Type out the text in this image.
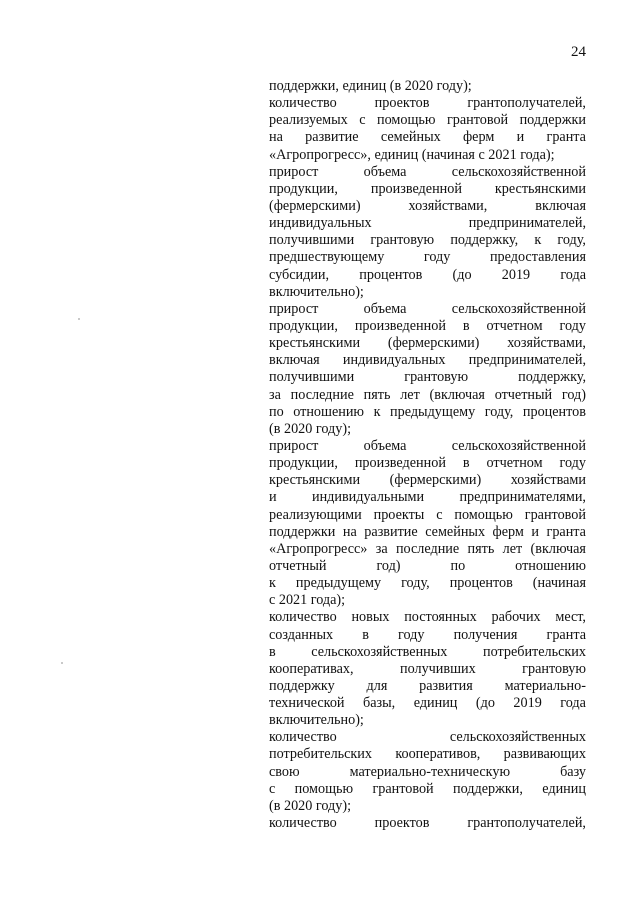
24
поддержки, единиц (в 2020 году);
количество	проектов	грантополучателей,
реализуемых с помощью грантовой поддержки
на развитие семейных ферм и гранта
«Агропрогресс», единиц (начиная с 2021 года);
прирост	объема	сельскохозяйственной
продукции, произведенной крестьянскими
(фермерскими)	хозяйствами,	включая
индивидуальных	предпринимателей,
получившими грантовую поддержку, к году,
предшествующему	году	предоставления
субсидии, процентов (до 2019 года
включительно);
прирост	объема	сельскохозяйственной
продукции, произведенной в отчетном году
крестьянскими (фермерскими) хозяйствами,
включая индивидуальных предпринимателей,
получившими	грантовую	поддержку,
за последние пять лет (включая отчетный год)
по отношению к предыдущему году, процентов
(в 2020 году);
прирост	объема	сельскохозяйственной
продукции, произведенной в отчетном году
крестьянскими (фермерскими) хозяйствами
и индивидуальными предпринимателями,
реализующими проекты с помощью грантовой
поддержки на развитие семейных ферм и гранта
«Агропрогресс» за последние пять лет (включая
отчетный	год)	по	отношению
к предыдущему году, процентов (начиная
с 2021 года);
количество новых постоянных рабочих мест,
созданных в году получения гранта
в	сельскохозяйственных	потребительских
кооперативах,	получивших	грантовую
поддержку для развития материально-
технической базы, единиц (до 2019 года
включительно);
количество	сельскохозяйственных
потребительских кооперативов, развивающих
свою	материально-техническую	базу
с помощью грантовой поддержки, единиц
(в 2020 году);
количество	проектов	грантополучателей,
